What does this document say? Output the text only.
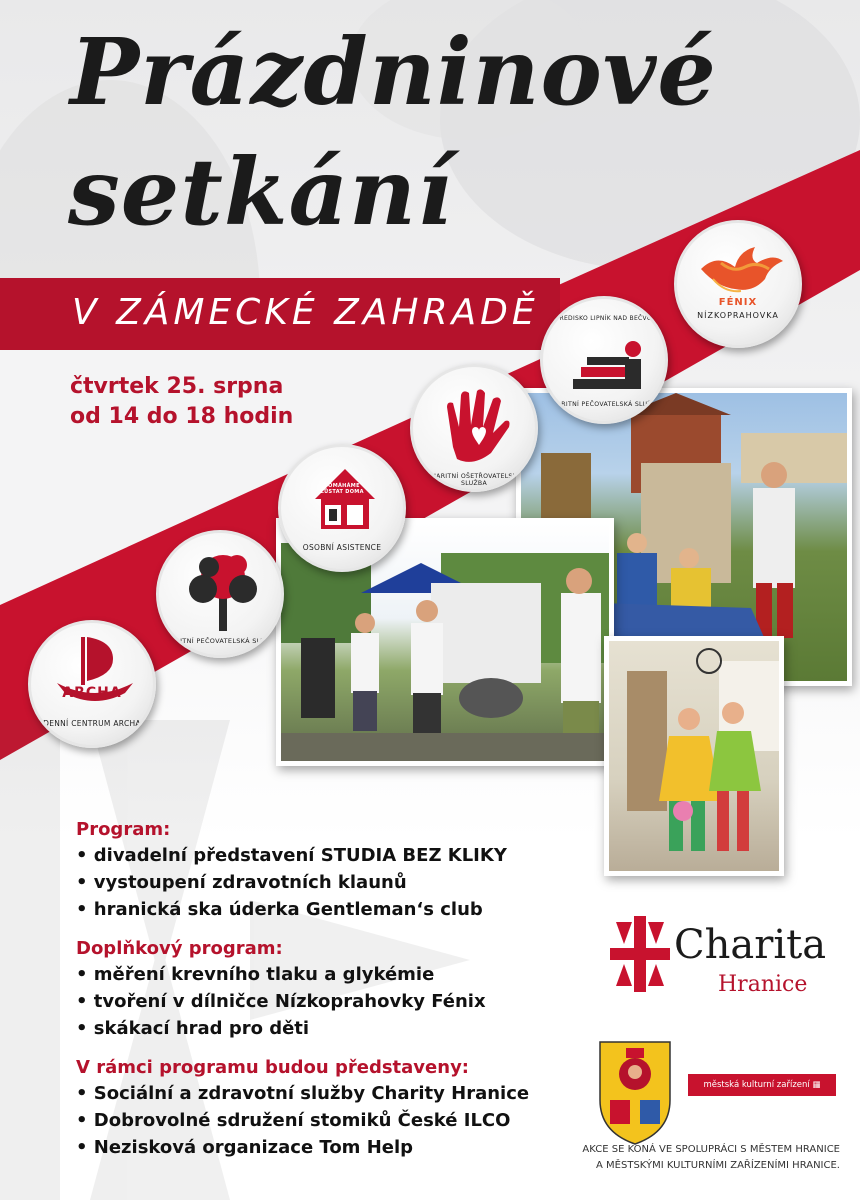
Prázdninové
setkání
V ZÁMECKÉ ZAHRADĚ
čtvrtek 25. srpna
od 14 do 18 hodin
ARCHA
DENNÍ CENTRUM ARCHA
CHARITNÍ PEČOVATELSKÁ SLUŽBA
POMÁHÁME ZŮSTAT DOMA
OSOBNÍ ASISTENCE
CHARITNÍ OŠETŘOVATELSKÁ SLUŽBA
STŘEDISKO LIPNÍK NAD BEČVOU
CHARITNÍ PEČOVATELSKÁ SLUŽBA
FÉNIX
NÍZKOPRAHOVKA
Program:
• divadelní představení STUDIA BEZ KLIKY
• vystoupení zdravotních klaunů
• hranická ska úderka Gentleman‘s club
Doplňkový program:
• měření krevního tlaku a glykémie
• tvoření v dílničce Nízkoprahovky Fénix
• skákací hrad pro děti
V rámci programu budou představeny:
• Sociální a zdravotní služby Charity Hranice
• Dobrovolné sdružení stomiků České ILCO
• Nezisková organizace Tom Help
Charita
Hranice
městská kulturní zařízení ▦ hranice
AKCE SE KONÁ VE SPOLUPRÁCI S MĚSTEM HRANICE
A MĚSTSKÝMI KULTURNÍMI ZAŘÍZENÍMI HRANICE.
